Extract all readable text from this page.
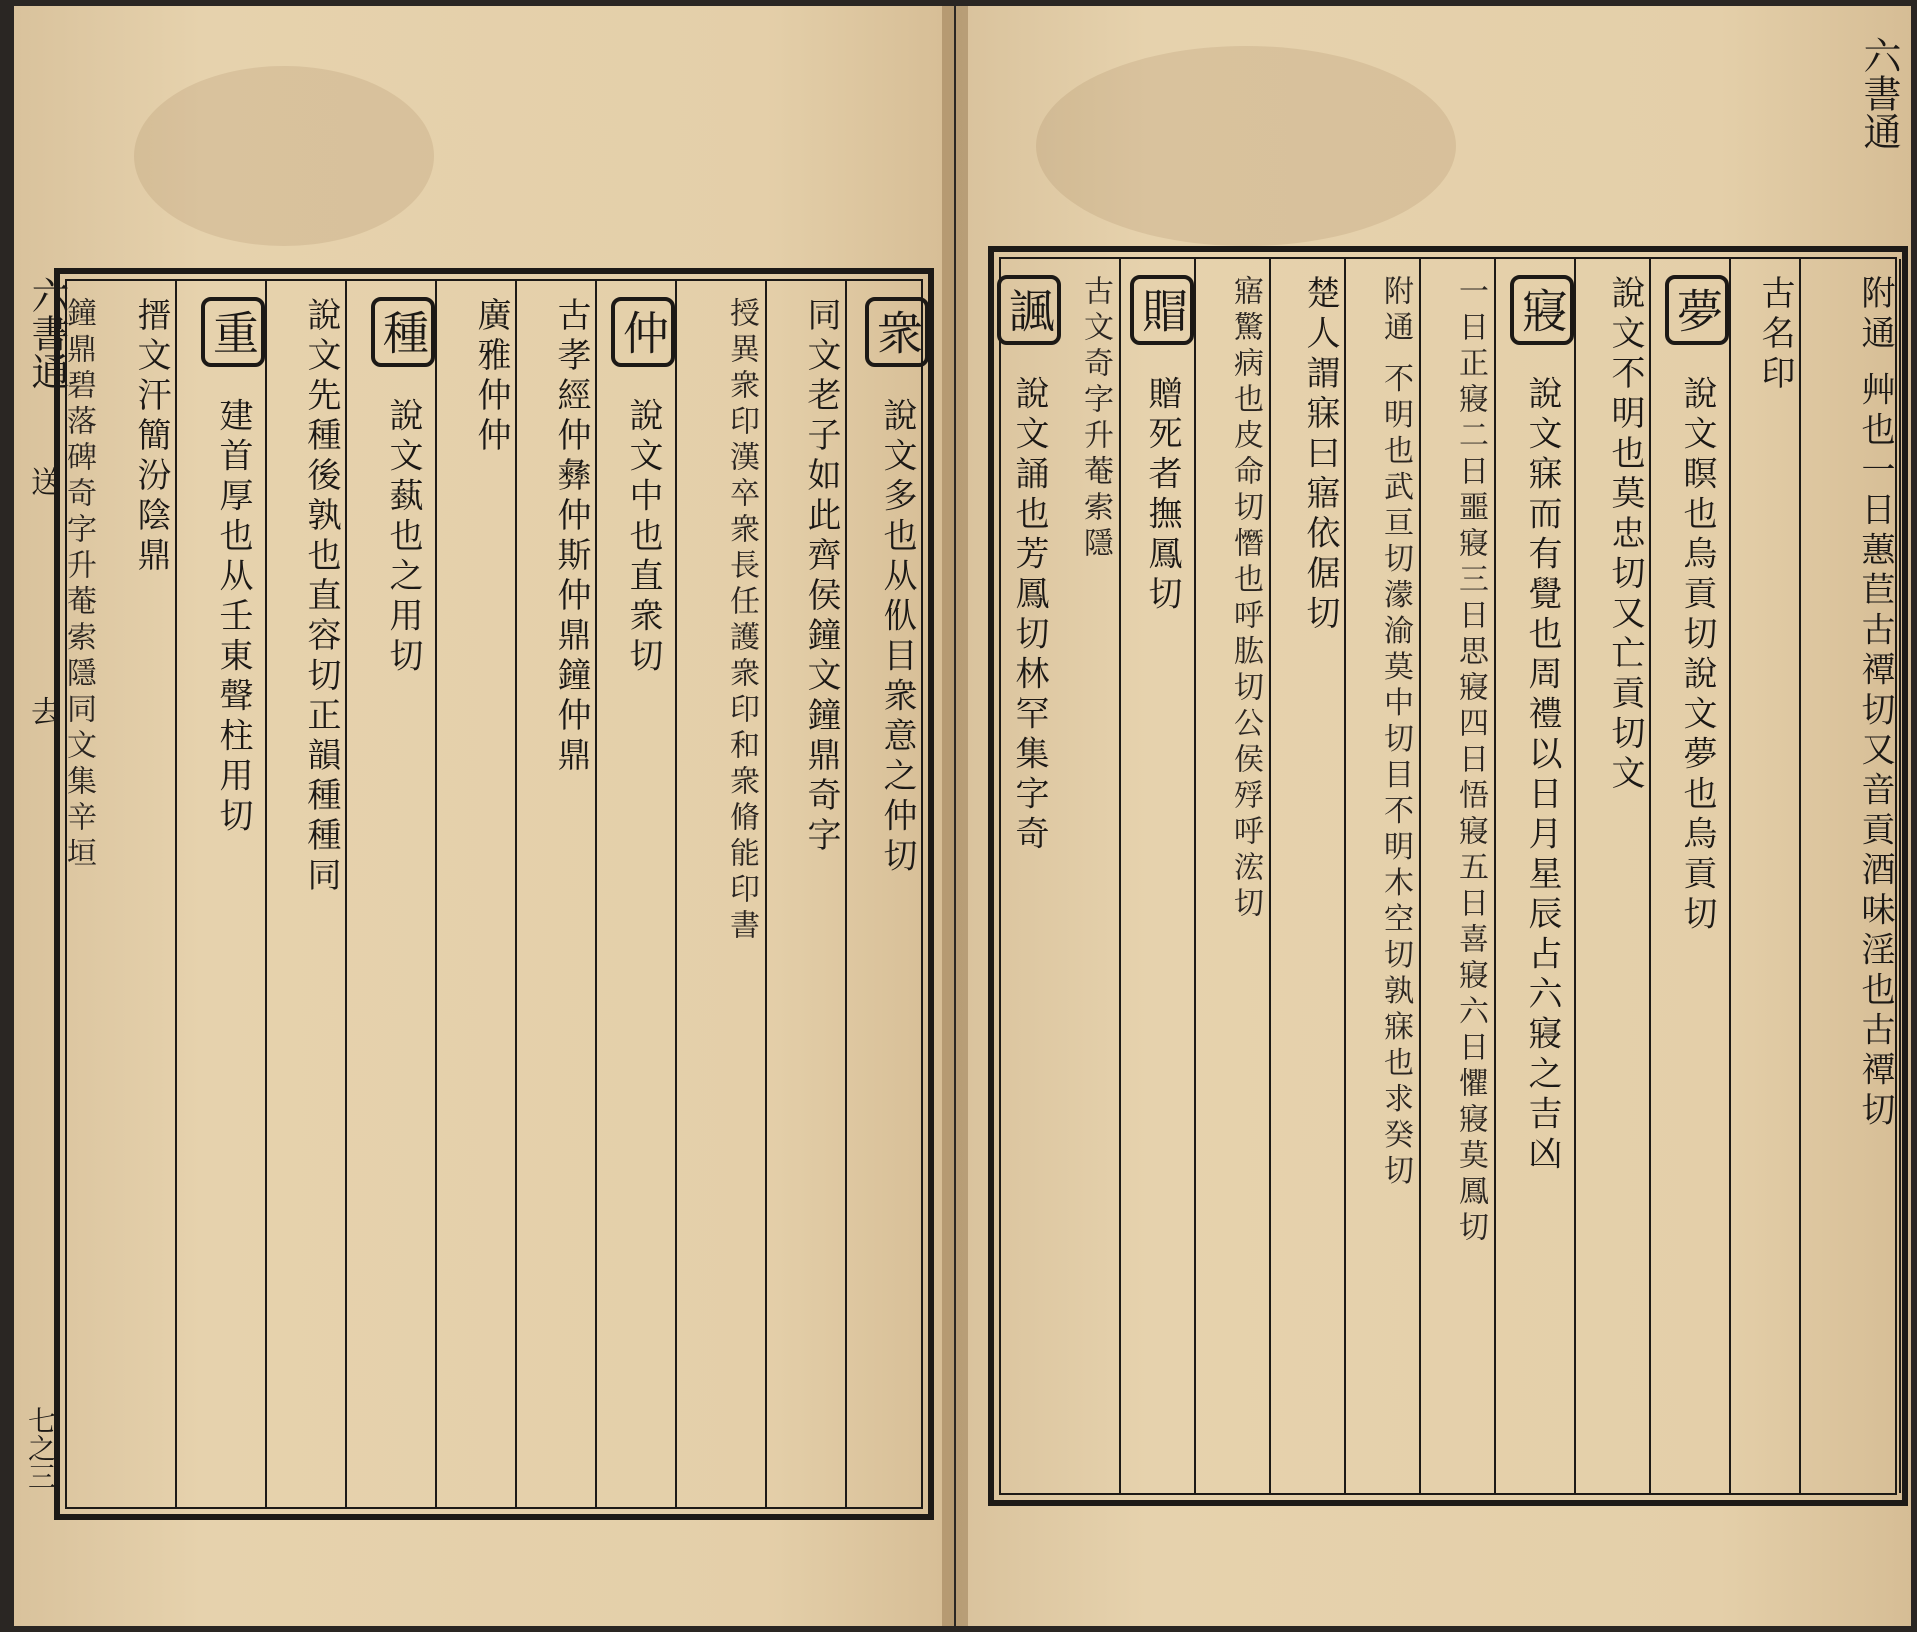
六書通
送
去
七之三
衆 說文多也从㐺目衆意之仲切
同文老子如此齊侯鐘文鐘鼎奇字
授異衆印漢卒衆長任護衆印和衆脩能印書
仲 說文中也直衆切
古孝經仲彝仲斯仲鼎鐘仲鼎
廣雅仲仲
種 說文蓺也之用切
說文先種後孰也直容切正韻種種同
重 建首厚也从壬東聲柱用切
搢文汗簡汾陰鼎
鐘鼎碧落碑奇字升菴索隱同文集辛垣
六書通
附通 艸也一日蕙苣古禫切又音貢酒味淫也古禫切
古名印
夢 說文瞑也烏貢切說文夢也烏貢切
說文不明也莫忠切又亡貢切文
寢 說文寐而有覺也周禮以日月星辰占六寢之吉凶
一日正寢二日噩寢三日思寢四日悟寢五日喜寢六日懼寢莫鳳切
附通 不明也武亘切濛渝莫中切目不明木空切孰寐也求癸切
楚人謂寐曰寤依倨切
寤驚病也皮命切憯也呼肱切公侯殍呼浤切
賵 贈死者撫鳳切
古文奇字升菴索隱
諷 說文誦也芳鳳切林罕集字奇
